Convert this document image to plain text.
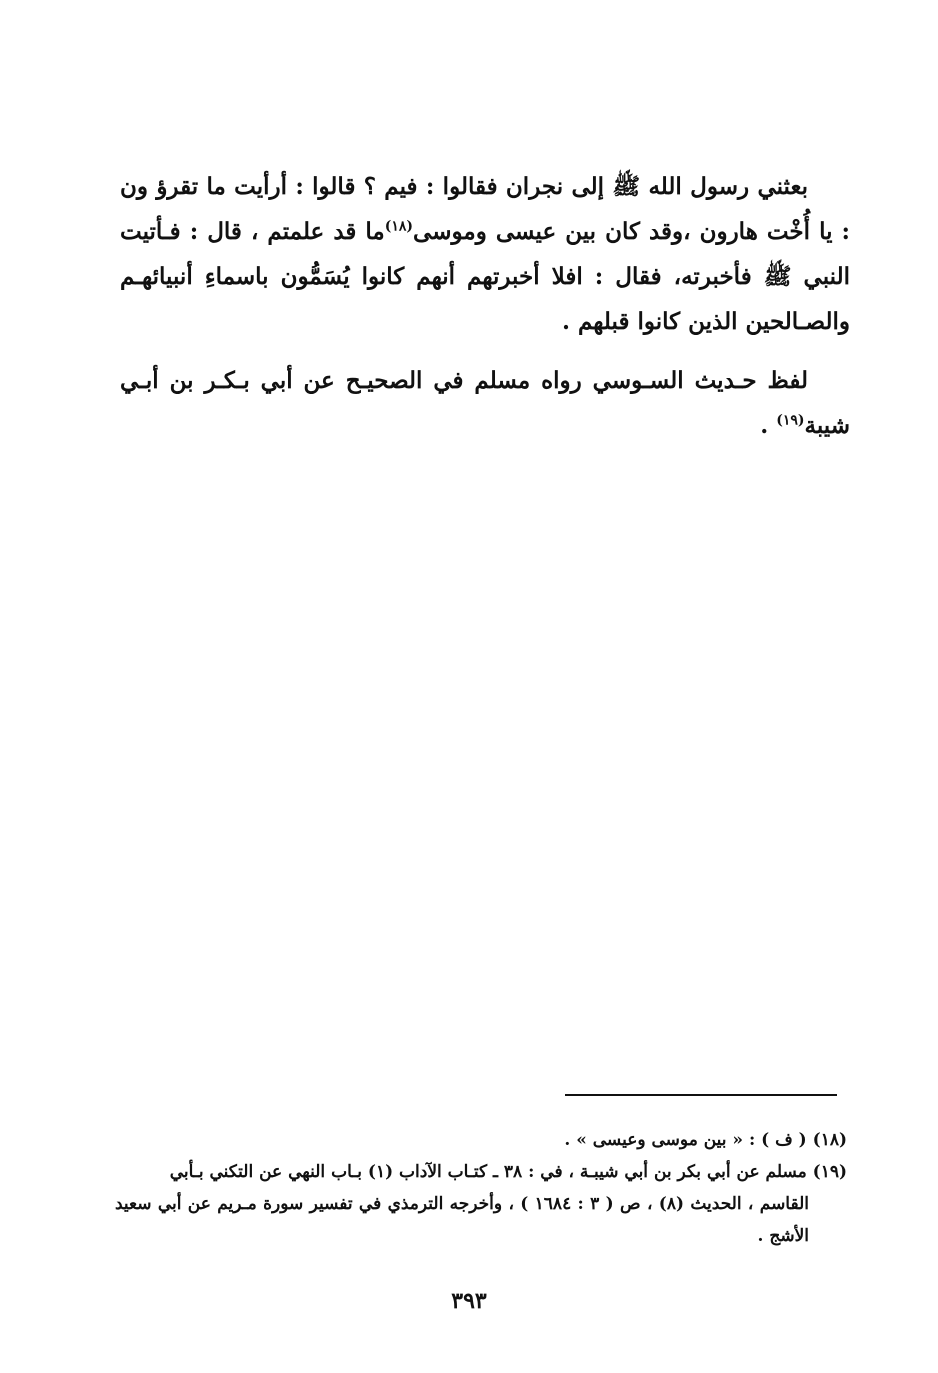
بعثني رسول الله ﷺ إلى نجران فقالوا : فيم ؟ قالوا : أرأيت ما تقرؤ ون : يا أُخْت هارون ،وقد كان بين عيسى وموسى$^{(١٨)}$ما قد علمتم ، قال : فـأتيت النبي ﷺ فأخبرته، فقال : افلا أخبرتهم أنهم كانوا يُسَمُّون باسماءِ أنبيائهـم والصـالحين الذين كانوا قبلهم .

لفظ حـديث السـوسي رواه مسلم في الصحيـح عن أبي بـكـر بن أبـي شيبة$^{(١٩)}$ .

(١٨) ( ف ) : « بين موسى وعيسى » .

(١٩) مسلم عن أبي بكر بن أبي شيبـة ، في : ٣٨ ـ كتـاب الآداب (١) بـاب النهي عن التكني بـأبي

القاسم ، الحديث (٨) ، ص ( ٣ : ١٦٨٤ ) ، وأخرجه الترمذي في تفسير سورة مـريم عن أبي سعيد الأشج .

٣٩٣
